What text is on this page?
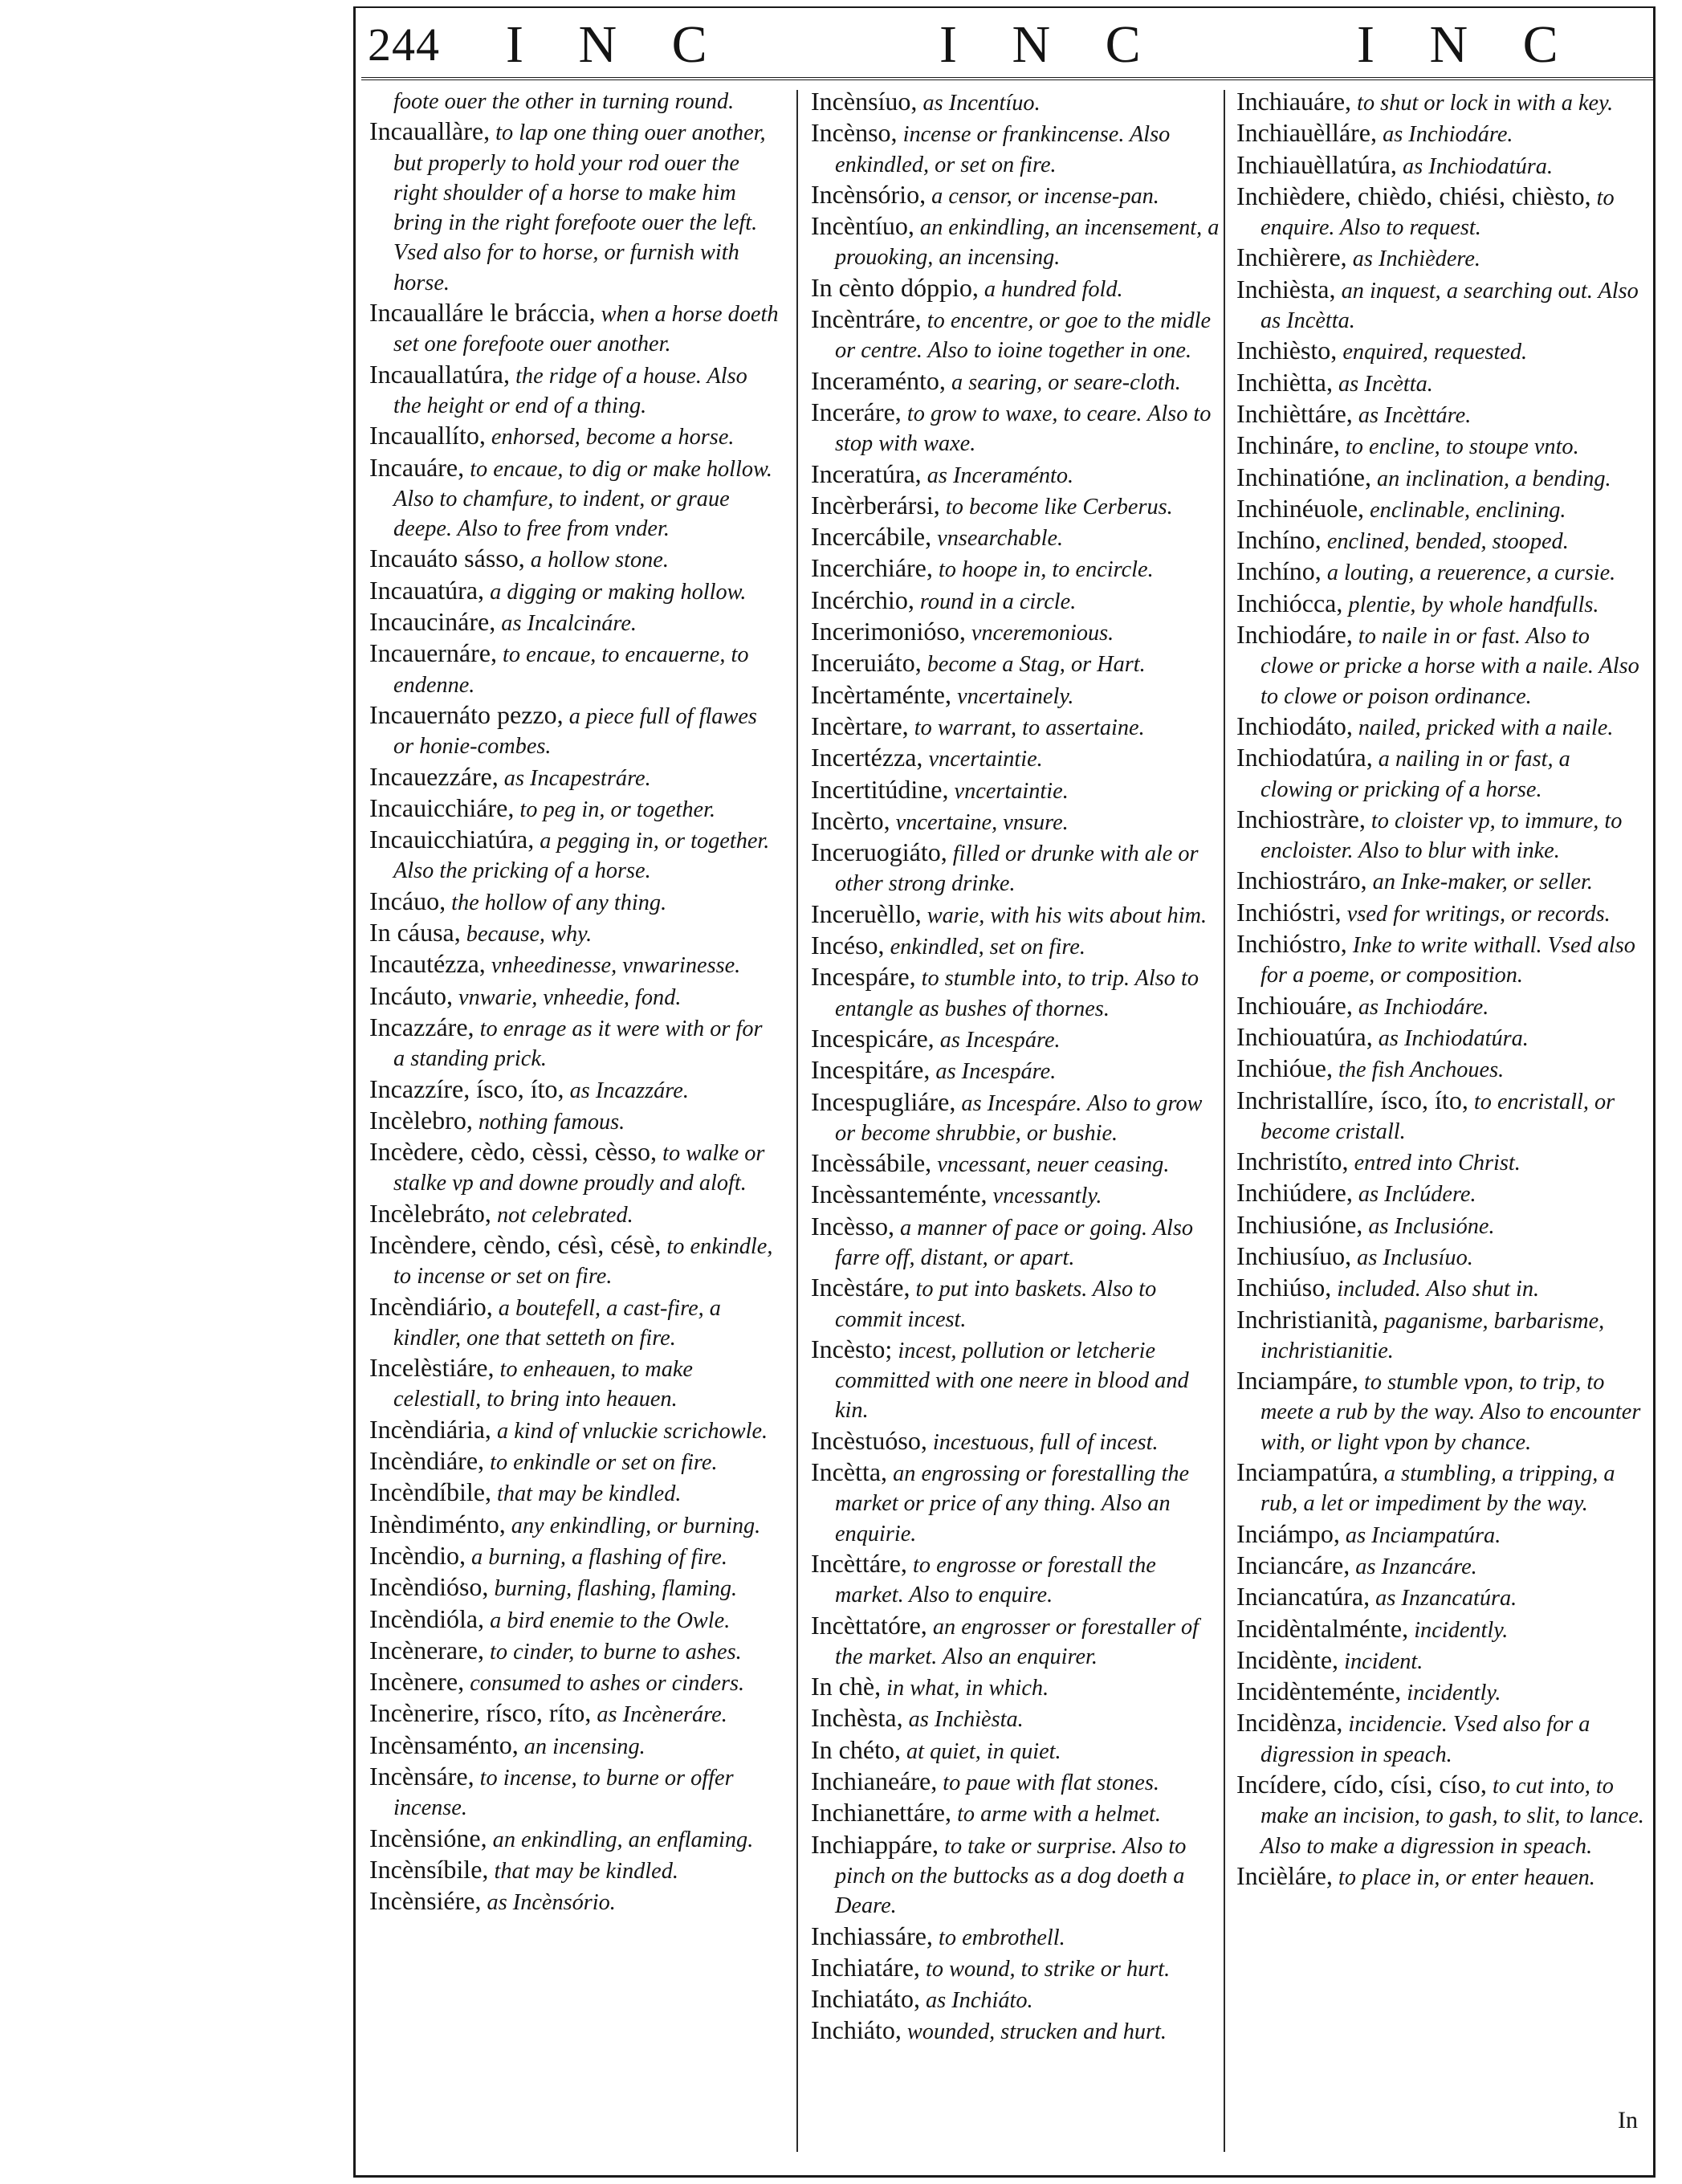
244 I N C	I N C	I N C

foote ouer the other in turning round.

Incauallàre, to lap one thing ouer another, but properly to hold your rod ouer the right shoulder of a horse to make him bring in the right forefoote ouer the left. Vsed also for to horse, or furnish with horse.

Incaualláre le bráccia, when a horse doeth set one forefoote ouer another.

Incauallatúra, the ridge of a house. Also the height or end of a thing.

Incauallíto, enhorsed, become a horse.

Incauáre, to encaue, to dig or make hollow. Also to chamfure, to indent, or graue deepe. Also to free from vnder.

Incauáto sásso, a hollow stone.

Incauatúra, a digging or making hollow.

Incaucináre, as Incalcináre.

Incauernáre, to encaue, to encauerne, to endenne.

Incauernáto pezzo, a piece full of flawes or honie-combes.

Incauezzáre, as Incapestráre.

Incauicchiáre, to peg in, or together.

Incauicchiatúra, a pegging in, or together. Also the pricking of a horse.

Incáuo, the hollow of any thing.

In cáusa, because, why.

Incautézza, vnheedinesse, vnwarinesse.

Incáuto, vnwarie, vnheedie, fond.

Incazzáre, to enrage as it were with or for a standing prick.

Incazzíre, ísco, íto, as Incazzáre.

Incèlebro, nothing famous.

Incèdere, cèdo, cèssi, cèsso, to walke or stalke vp and downe proudly and aloft.

Incèlebráto, not celebrated.

Incèndere, cèndo, césì, césè, to enkindle, to incense or set on fire.

Incèndiário, a boutefell, a cast-fire, a kindler, one that setteth on fire.

Incelèstiáre, to enheauen, to make celestiall, to bring into heauen.

Incèndiária, a kind of vnluckie scrichowle.

Incèndiáre, to enkindle or set on fire.

Incèndíbile, that may be kindled.

Inèndiménto, any enkindling, or burning.

Incèndio, a burning, a flashing of fire.

Incèndióso, burning, flashing, flaming.

Incèndióla, a bird enemie to the Owle.

Incènerare, to cinder, to burne to ashes.

Incènere, consumed to ashes or cinders.

Incènerire, rísco, ríto, as Incèneráre.

Incènsaménto, an incensing.

Incènsáre, to incense, to burne or offer incense.

Incènsióne, an enkindling, an enflaming.

Incènsíbile, that may be kindled.

Incènsiére, as Incènsório.

Incènsíuo, as Incentíuo.

Incènso, incense or frankincense. Also enkindled, or set on fire.

Incènsório, a censor, or incense-pan.

Incèntíuo, an enkindling, an incensement, a prouoking, an incensing.

In cènto dóppio, a hundred fold.

Incèntráre, to encentre, or goe to the midle or centre. Also to ioine together in one.

Inceraménto, a searing, or seare-cloth.

Inceráre, to grow to waxe, to ceare. Also to stop with waxe.

Inceratúra, as Inceraménto.

Incèrberársi, to become like Cerberus.

Incercábile, vnsearchable.

Incerchiáre, to hoope in, to encircle.

Incérchio, round in a circle.

Incerimonióso, vnceremonious.

Inceruiáto, become a Stag, or Hart.

Incèrtaménte, vncertainely.

Incèrtare, to warrant, to assertaine.

Incertézza, vncertaintie.

Incertitúdine, vncertaintie.

Incèrto, vncertaine, vnsure.

Inceruogiáto, filled or drunke with ale or other strong drinke.

Inceruèllo, warie, with his wits about him.

Incéso, enkindled, set on fire.

Incespáre, to stumble into, to trip. Also to entangle as bushes of thornes.

Incespicáre, as Incespáre.

Incespitáre, as Incespáre.

Incespugliáre, as Incespáre. Also to grow or become shrubbie, or bushie.

Incèssábile, vncessant, neuer ceasing.

Incèssanteménte, vncessantly.

Incèsso, a manner of pace or going. Also farre off, distant, or apart.

Incèstáre, to put into baskets. Also to commit incest.

Incèsto; incest, pollution or letcherie committed with one neere in blood and kin.

Incèstuóso, incestuous, full of incest.

Incètta, an engrossing or forestalling the market or price of any thing. Also an enquirie.

Incèttáre, to engrosse or forestall the market. Also to enquire.

Incèttatóre, an engrosser or forestaller of the market. Also an enquirer.

In chè, in what, in which.

Inchèsta, as Inchièsta.

In chéto, at quiet, in quiet.

Inchianeáre, to paue with flat stones.

Inchianettáre, to arme with a helmet.

Inchiappáre, to take or surprise. Also to pinch on the buttocks as a dog doeth a Deare.

Inchiassáre, to embrothell.

Inchiatáre, to wound, to strike or hurt.

Inchiatáto, as Inchiáto.

Inchiáto, wounded, strucken and hurt.

Inchiauáre, to shut or lock in with a key.

Inchiauèlláre, as Inchiodáre.

Inchiauèllatúra, as Inchiodatúra.

Inchièdere, chièdo, chiési, chièsto, to enquire. Also to request.

Inchièrere, as Inchièdere.

Inchièsta, an inquest, a searching out. Also as Incètta.

Inchièsto, enquired, requested.

Inchiètta, as Incètta.

Inchièttáre, as Incèttáre.

Inchináre, to encline, to stoupe vnto.

Inchinatióne, an inclination, a bending.

Inchinéuole, enclinable, enclining.

Inchíno, enclined, bended, stooped.

Inchíno, a louting, a reuerence, a cursie.

Inchiócca, plentie, by whole handfulls.

Inchiodáre, to naile in or fast. Also to clowe or pricke a horse with a naile. Also to clowe or poison ordinance.

Inchiodáto, nailed, pricked with a naile.

Inchiodatúra, a nailing in or fast, a clowing or pricking of a horse.

Inchiostràre, to cloister vp, to immure, to encloister. Also to blur with inke.

Inchiostráro, an Inke-maker, or seller.

Inchióstri, vsed for writings, or records.

Inchióstro, Inke to write withall. Vsed also for a poeme, or composition.

Inchiouáre, as Inchiodáre.

Inchiouatúra, as Inchiodatúra.

Inchióue, the fish Anchoues.

Inchristallíre, ísco, íto, to encristall, or become cristall.

Inchristíto, entred into Christ.

Inchiúdere, as Inclúdere.

Inchiusióne, as Inclusióne.

Inchiusíuo, as Inclusíuo.

Inchiúso, included. Also shut in.

Inchristianità, paganisme, barbarisme, inchristianitie.

Inciampáre, to stumble vpon, to trip, to meete a rub by the way. Also to encounter with, or light vpon by chance.

Inciampatúra, a stumbling, a tripping, a rub, a let or impediment by the way.

Inciámpo, as Inciampatúra.

Inciancáre, as Inzancáre.

Inciancatúra, as Inzancatúra.

Incidèntalménte, incidently.

Incidènte, incident.

Incidènteménte, incidently.

Incidènza, incidencie. Vsed also for a digression in speach.

Incídere, cído, císi, císo, to cut into, to make an incision, to gash, to slit, to lance. Also to make a digression in speach.

Incièláre, to place in, or enter heauen.

In
